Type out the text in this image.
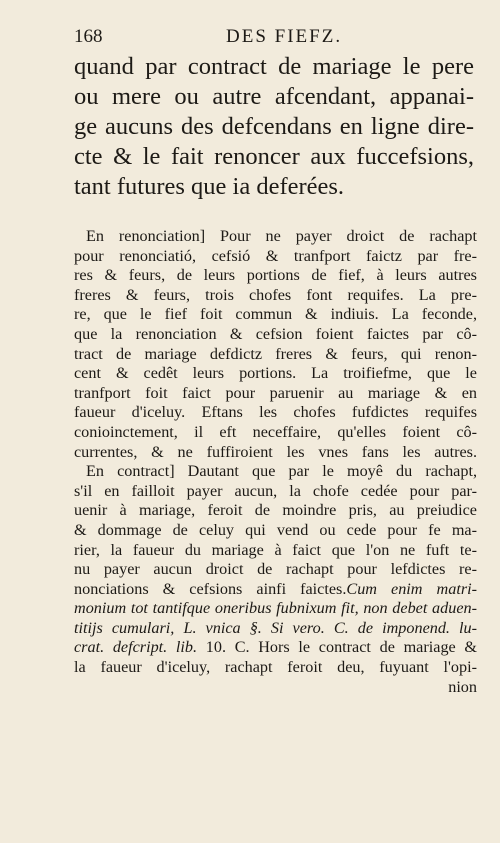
168	DES FIEFZ.
quand par contract de mariage le pere
ou mere ou autre afcendant, appanai-
ge aucuns des defcendans en ligne dire-
cte & le fait renoncer aux fuccefsions,
tant futures que ia deferées.
En renonciation] Pour ne payer droict de rachapt
pour renonciatió, cefsió & tranfport faictz par fre-
res & feurs, de leurs portions de fief, à leurs autres
freres & feurs, trois chofes font requifes. La pre-
re, que le fief foit commun & indiuis. La feconde,
que la renonciation & cefsion foient faictes par cô-
tract de mariage defdictz freres & feurs, qui renon-
cent & cedêt leurs portions. La troifiefme, que le
tranfport foit faict pour paruenir au mariage & en
faueur d'iceluy. Eftans les chofes fufdictes requifes
conioinctement, il eft neceffaire, qu'elles foient cô-
currentes, & ne fuffiroient les vnes fans les autres.
En contract] Dautant que par le moyê du rachapt,
s'il en failloit payer aucun, la chofe cedée pour par-
uenir à mariage, feroit de moindre pris, au preiudice
& dommage de celuy qui vend ou cede pour fe ma-
rier, la faueur du mariage à faict que l'on ne fuft te-
nu payer aucun droict de rachapt pour lefdictes re-
nonciations & cefsions ainfi faictes.Cum enim matri-
monium tot tantifque oneribus fubnixum fit, non debet aduen-
titijs cumulari, L. vnica §. Si vero. C. de imponend. lu-
crat. defcript. lib. 10. C. Hors le contract de mariage &
la faueur d'iceluy, rachapt feroit deu, fuyuant l'opi-
nion
